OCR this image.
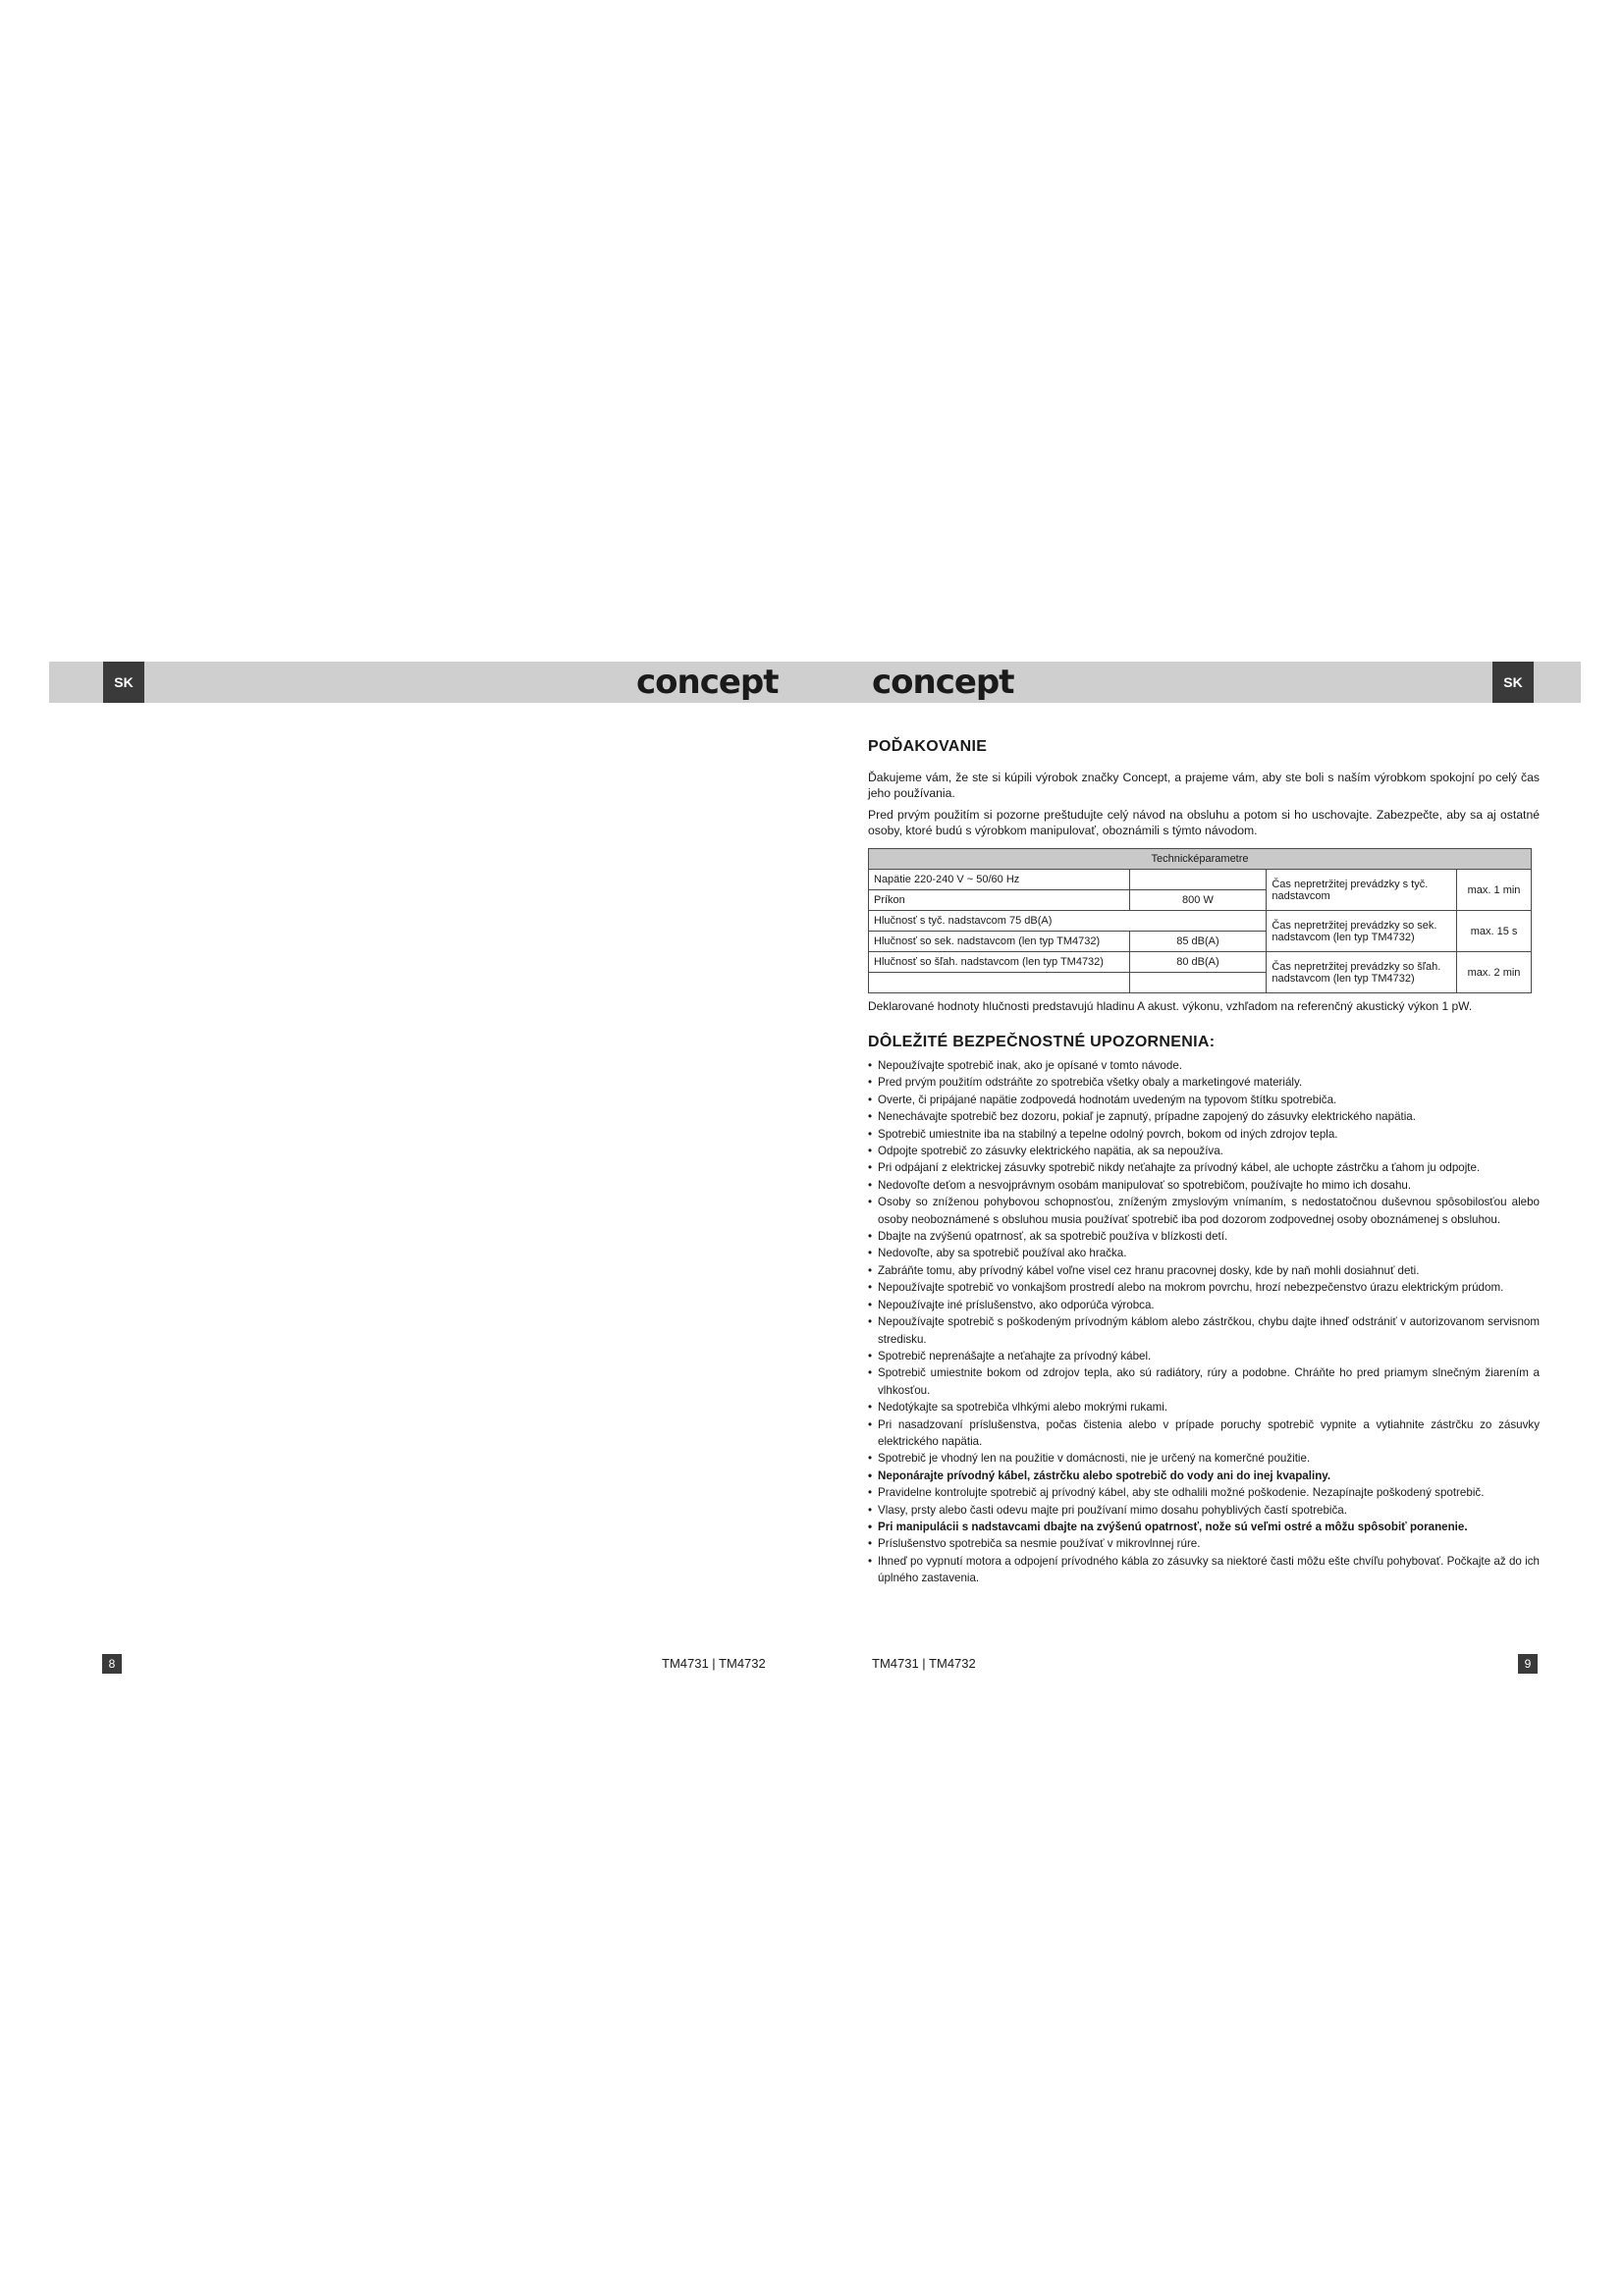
SK	SK
concept	concept
POĎAKOVANIE

Ďakujeme vám, že ste si kúpili výrobok značky Concept, a prajeme vám, aby ste boli s naším výrobkom spokojní po celý čas jeho používania.

Pred prvým použitím si pozorne preštudujte celý návod na obsluhu a potom si ho uschovajte. Zabezpečte, aby sa aj ostatné osoby, ktoré budú s výrobkom manipulovať, oboznámili s týmto návodom.

Technicképarametre			
Napätie 220-240 V ~ 50/60 Hz		Čas nepretržitej prevádzky s tyč. nadstavcom	max. 1 min
Príkon	800 W		
Hlučnosť s tyč. nadstavcom 75 dB(A)		Čas nepretržitej prevádzky so sek. nadstavcom (len typ TM4732)	max. 15 s
Hlučnosť so sek. nadstavcom (len typ TM4732)	85 dB(A)		
Hlučnosť so šľah. nadstavcom (len typ TM4732)	80 dB(A)	Čas nepretržitej prevádzky so šľah. nadstavcom (len typ TM4732)	max. 2 min

Deklarované hodnoty hlučnosti predstavujú hladinu A akust. výkonu, vzhľadom na referenčný akustický výkon 1 pW.

DÔLEŽITÉ BEZPEČNOSTNÉ UPOZORNENIA:
• Nepoužívajte spotrebič inak, ako je opísané v tomto návode.
• Pred prvým použitím odstráňte zo spotrebiča všetky obaly a marketingové materiály.
• Overte, či pripájané napätie zodpovedá hodnotám uvedeným na typovom štítku spotrebiča.
• Nenechávajte spotrebič bez dozoru, pokiaľ je zapnutý, prípadne zapojený do zásuvky elektrického napätia.
• Spotrebič umiestnite iba na stabilný a tepelne odolný povrch, bokom od iných zdrojov tepla.
• Odpojte spotrebič zo zásuvky elektrického napätia, ak sa nepoužíva.
• Pri odpájaní z elektrickej zásuvky spotrebič nikdy neťahajte za prívodný kábel, ale uchopte zástrčku a ťahom ju odpojte.
• Nedovoľte deťom a nesvojprávnym osobám manipulovať so spotrebičom, používajte ho mimo ich dosahu.
• Osoby so zníženou pohybovou schopnosťou, zníženým zmyslovým vnímaním, s nedostatočnou duševnou spôsobilosťou alebo osoby neoboznámené s obsluhou musia používať spotrebič iba pod dozorom zodpovednej osoby oboznámenej s obsluhou.
• Dbajte na zvýšenú opatrnosť, ak sa spotrebič používa v blízkosti detí.
• Nedovoľte, aby sa spotrebič používal ako hračka.
• Zabráňte tomu, aby prívodný kábel voľne visel cez hranu pracovnej dosky, kde by naň mohli dosiahnuť deti.
• Nepoužívajte spotrebič vo vonkajšom prostredí alebo na mokrom povrchu, hrozí nebezpečenstvo úrazu elektrickým prúdom.
• Nepoužívajte iné príslušenstvo, ako odporúča výrobca.
• Nepoužívajte spotrebič s poškodeným prívodným káblom alebo zástrčkou, chybu dajte ihneď odstrániť v autorizovanom servisnom stredisku.
• Spotrebič neprenášajte a neťahajte za prívodný kábel.
• Spotrebič umiestnite bokom od zdrojov tepla, ako sú radiátory, rúry a podobne. Chráňte ho pred priamym slnečným žiarením a vlhkosťou.
• Nedotýkajte sa spotrebiča vlhkými alebo mokrými rukami.
• Pri nasadzovaní príslušenstva, počas čistenia alebo v prípade poruchy spotrebič vypnite a vytiahnite zástrčku zo zásuvky elektrického napätia.
• Spotrebič je vhodný len na použitie v domácnosti, nie je určený na komerčné použitie.
• Neponárajte prívodný kábel, zástrčku alebo spotrebič do vody ani do inej kvapaliny.
• Pravidelne kontrolujte spotrebič aj prívodný kábel, aby ste odhalili možné poškodenie. Nezapínajte poškodený spotrebič.
• Vlasy, prsty alebo časti odevu majte pri používaní mimo dosahu pohyblivých častí spotrebiča.
• Pri manipulácii s nadstavcami dbajte na zvýšenú opatrnosť, nože sú veľmi ostré a môžu spôsobiť poranenie.
• Príslušenstvo spotrebiča sa nesmie používať v mikrovlnnej rúre.
• Ihneď po vypnutí motora a odpojení prívodného kábla zo zásuvky sa niektoré časti môžu ešte chvíľu pohybovať. Počkajte až do ich úplného zastavenia.
8	TM4731 | TM4732	TM4731 | TM4732	9
